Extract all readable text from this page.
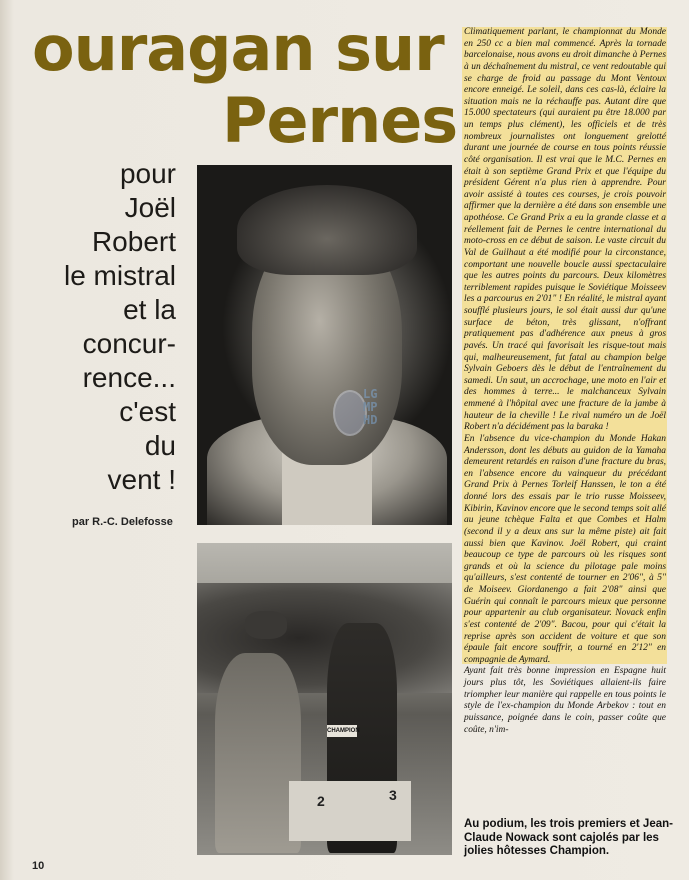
ouragan sur
Pernes
pour
Joël
Robert
le mistral
et la
concur-
rence...
c'est
du
vent !
par R.-C. Delefosse
LG
MP
HD
CHAMPION
2	3
Au podium, les trois premiers et Jean-Claude Nowack sont cajolés par les jolies hôtesses Champion.

Climatiquement parlant, le championnat du Monde en 250 cc a bien mal commencé. Après la tornade barcelonaise, nous avons eu droit dimanche à Pernes à un déchaînement du mistral, ce vent redoutable qui se charge de froid au passage du Mont Ventoux encore enneigé. Le soleil, dans ces cas-là, éclaire la situation mais ne la réchauffe pas. Autant dire que 15.000 spectateurs (qui auraient pu être 18.000 par un temps plus clément), les officiels et de très nombreux journalistes ont longuement grelotté durant une journée de course en tous points réussie côté organisation. Il est vrai que le M.C. Pernes en était à son septième Grand Prix et que l'équipe du président Gérent n'a plus rien à apprendre. Pour avoir assisté à toutes ces courses, je crois pouvoir affirmer que la dernière a été dans son ensemble une apothéose. Ce Grand Prix a eu la grande classe et a réellement fait de Pernes le centre international du moto-cross en ce début de saison. Le vaste circuit du Val de Guilhaut a été modifié pour la circonstance, comportant une nouvelle boucle aussi spectaculaire que les autres points du parcours. Deux kilomètres terriblement rapides puisque le Soviétique Moisseev les a parcourus en 2'01" ! En réalité, le mistral ayant soufflé plusieurs jours, le sol était aussi dur qu'une surface de béton, très glissant, n'offrant pratiquement pas d'adhérence aux pneus à gros pavés. Un tracé qui favorisait les risque-tout mais qui, malheureusement, fut fatal au champion belge Sylvain Geboers dès le début de l'entraînement du samedi. Un saut, un accrochage, une moto en l'air et des hommes à terre... le malchanceux Sylvain emmené à l'hôpital avec une fracture de la jambe à hauteur de la cheville ! Le rival numéro un de Joël Robert n'a décidément pas la baraka !

En l'absence du vice-champion du Monde Hakan Andersson, dont les débuts au guidon de la Yamaha demeurent retardés en raison d'une fracture du bras, en l'absence encore du vainqueur du précédant Grand Prix à Pernes Torleif Hanssen, le ton a été donné lors des essais par le trio russe Moisseev, Kibirin, Kavinov encore que le second temps soit allé au jeune tchèque Falta et que Combes et Halm (second il y a deux ans sur la même piste) ait fait aussi bien que Kavinov. Joël Robert, qui craint beaucoup ce type de parcours où les risques sont grands et où la science du pilotage pale moins qu'ailleurs, s'est contenté de tourner en 2'06", à 5" de Moiseev. Giordanengo a fait 2'08" ainsi que Guérin qui connaît le parcours mieux que personne pour appartenir au club organisateur. Novack enfin s'est contenté de 2'09". Bacou, pour qui c'était la reprise après son accident de voiture et que son épaule fait encore souffrir, a tourné en 2'12" en compagnie de Aymard.

Ayant fait très bonne impression en Espagne huit jours plus tôt, les Soviétiques allaient-ils faire triompher leur manière qui rappelle en tous points le style de l'ex-champion du Monde Arbekov : tout en puissance, poignée dans le coin, passer coûte que coûte, n'im-

10
